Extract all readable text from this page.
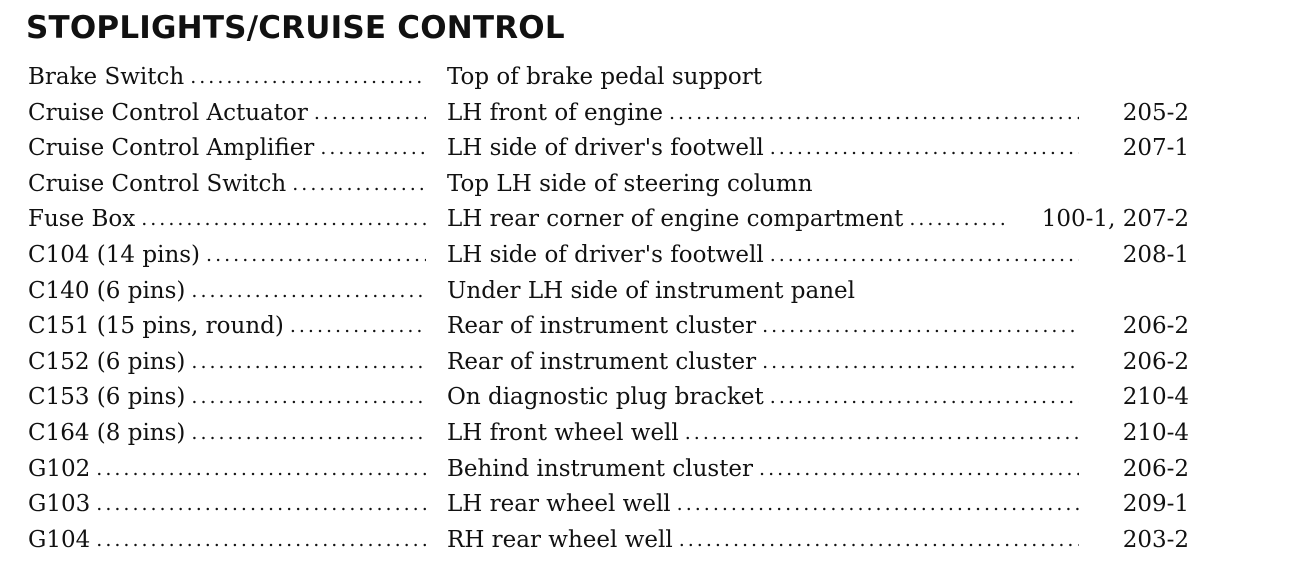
STOPLIGHTS/CRUISE CONTROL
Brake Switch .....	Top of brake pedal support
Cruise Control Actuator .....	LH front of engine .....	205-2
Cruise Control Amplifier .....	LH side of driver's footwell .....	207-1
Cruise Control Switch .....	Top LH side of steering column
Fuse Box .....	LH rear corner of engine compartment .....	100-1, 207-2
C104 (14 pins) .....	LH side of driver's footwell .....	208-1
C140 (6 pins) .....	Under LH side of instrument panel
C151 (15 pins, round) .....	Rear of instrument cluster .....	206-2
C152 (6 pins) .....	Rear of instrument cluster .....	206-2
C153 (6 pins) .....	On diagnostic plug bracket .....	210-4
C164 (8 pins) .....	LH front wheel well .....	210-4
G102 .....	Behind instrument cluster .....	206-2
G103 .....	LH rear wheel well .....	209-1
G104 .....	RH rear wheel well .....	203-2
